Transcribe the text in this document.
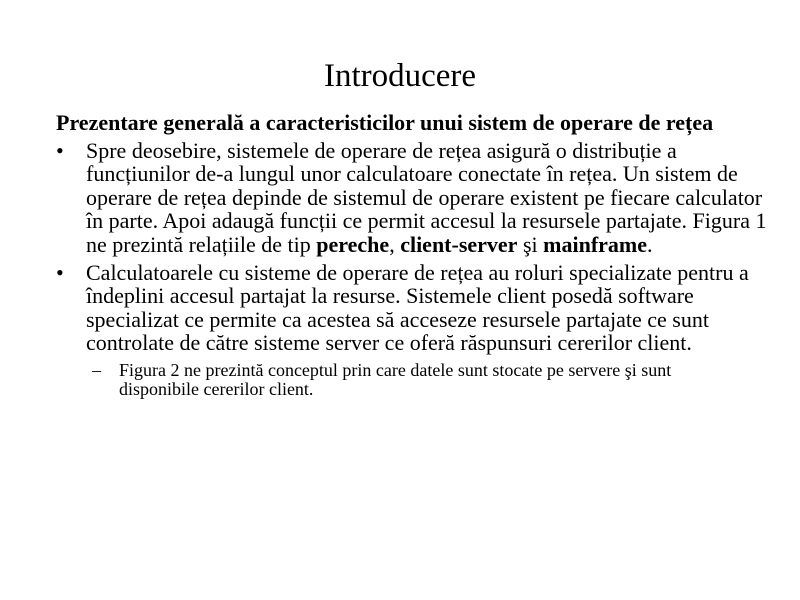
Introducere

Prezentare generală a caracteristicilor unui sistem de operare de rețea

• Spre deosebire, sistemele de operare de rețea asigură o distribuție a funcțiunilor de-a lungul unor calculatoare conectate în rețea. Un sistem de operare de rețea depinde de sistemul de operare existent pe fiecare calculator în parte. Apoi adaugă funcții ce permit accesul la resursele partajate. Figura 1 ne prezintă relațiile de tip pereche, client-server şi mainframe.
• Calculatoarele cu sisteme de operare de rețea au roluri specializate pentru a îndeplini accesul partajat la resurse. Sistemele client posedă software specializat ce permite ca acestea să acceseze resursele partajate ce sunt controlate de către sisteme server ce oferă răspunsuri cererilor client.
– Figura 2 ne prezintă conceptul prin care datele sunt stocate pe servere şi sunt disponibile cererilor client.
